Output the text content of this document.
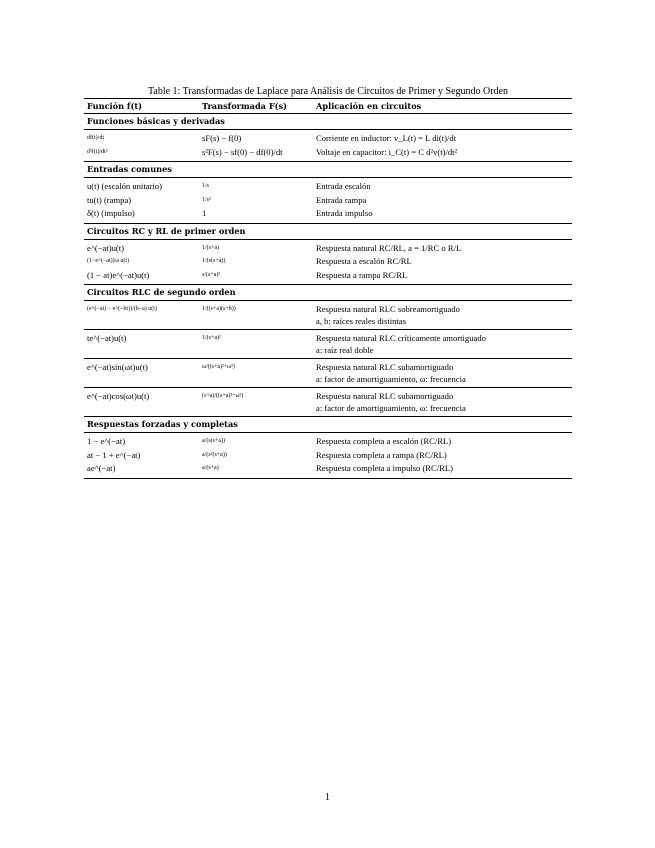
Table 1: Transformadas de Laplace para Análisis de Circuitos de Primer y Segundo Orden
Función f(t)	Transformada F(s)	Aplicación en circuitos
Funciones básicas y derivadas
df(t)/dt	sF(s) − f(0)	Corriente en inductor: v_L(t) = L di(t)/dt
d²f(t)/dt²	s²F(s) − sf(0) − df(0)/dt	Voltaje en capacitor: i_C(t) = C d²v(t)/dt²
Entradas comunes
u(t) (escalón unitario)	1/s	Entrada escalón
tu(t) (rampa)	1/s²	Entrada rampa
δ(t) (impulso)	1	Entrada impulso
Circuitos RC y RL de primer orden
e^(−at)u(t)	1/(s+a)	Respuesta natural RC/RL, a = 1/RC o R/L
(1−e^(−at))/a u(t)	1/(s(s+a))	Respuesta a escalón RC/RL
(1 − at)e^(−at)u(t)	s/(s+a)²	Respuesta a rampa RC/RL
Circuitos RLC de segundo orden
(e^(−at) − e^(−bt))/(b−a) u(t)	1/((s+a)(s+b))	Respuesta natural RLC sobreamortiguado
a, b: raíces reales distintas
te^(−at)u(t)	1/(s+a)²	Respuesta natural RLC críticamente amortiguado
a: raíz real doble
e^(−at)sin(ωt)u(t)	ω/((s+a)²+ω²)	Respuesta natural RLC subamortiguado
a: factor de amortiguamiento, ω: frecuencia
e^(−at)cos(ωt)u(t)	(s+a)/((s+a)²+ω²)	Respuesta natural RLC subamortiguado
a: factor de amortiguamiento, ω: frecuencia
Respuestas forzadas y completas
1 − e^(−at)	a/(s(s+a))	Respuesta completa a escalón (RC/RL)
at − 1 + e^(−at)	a/(s²(s+a))	Respuesta completa a rampa (RC/RL)
ae^(−at)	a/(s+a)	Respuesta completa a impulso (RC/RL)
1
